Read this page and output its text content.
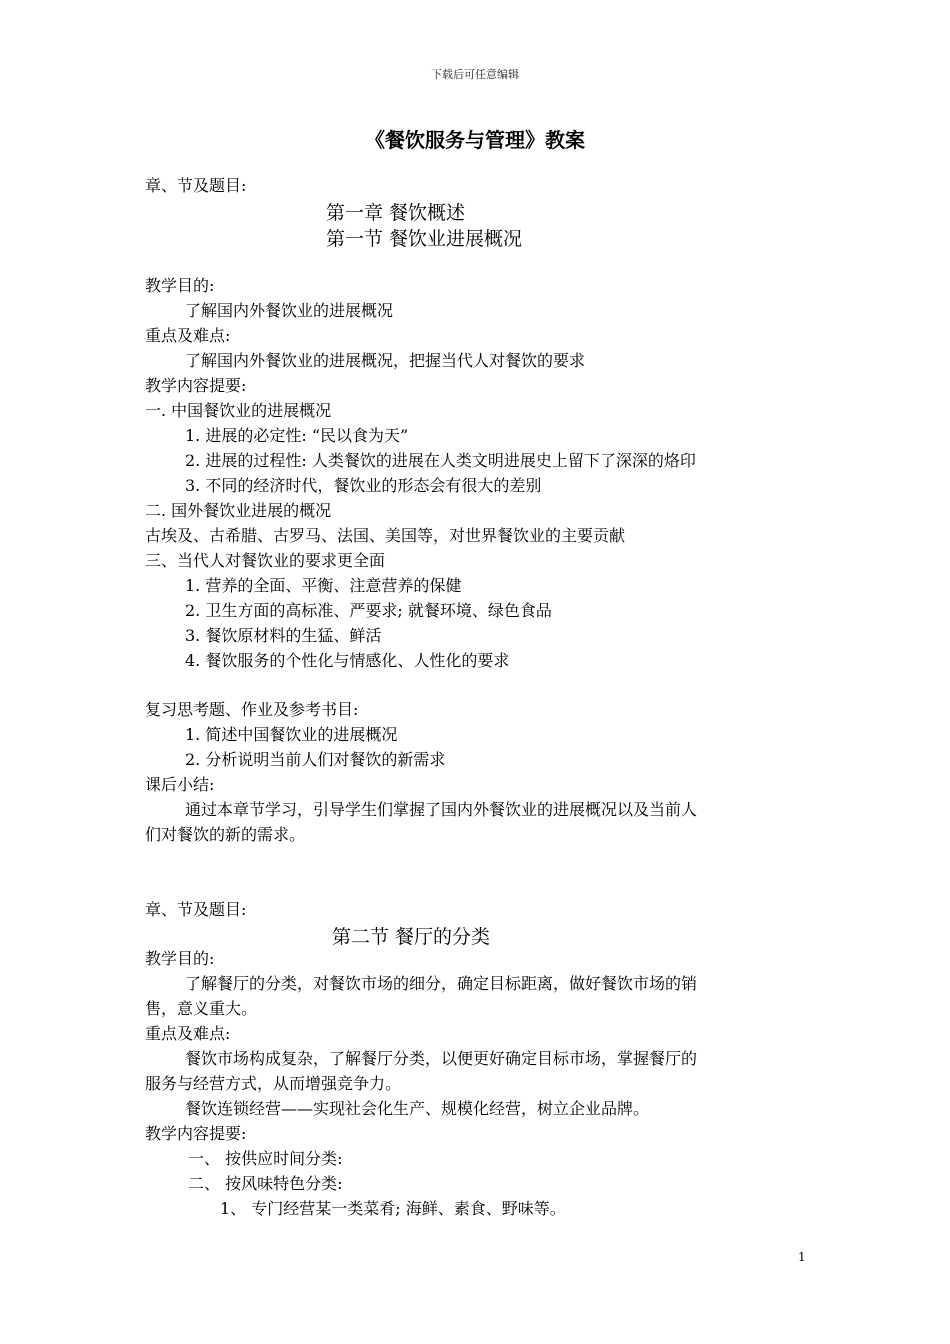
下载后可任意编辑
《餐饮服务与管理》教案
章、节及题目:
第一章 餐饮概述
第一节 餐饮业进展概况
教学目的:
了解国内外餐饮业的进展概况
重点及难点:
了解国内外餐饮业的进展概况，把握当代人对餐饮的要求
教学内容提要:
一. 中国餐饮业的进展概况
1. 进展的必定性: “民以食为天”
2. 进展的过程性: 人类餐饮的进展在人类文明进展史上留下了深深的烙印
3. 不同的经济时代，餐饮业的形态会有很大的差别
二. 国外餐饮业进展的概况
古埃及、古希腊、古罗马、法国、美国等，对世界餐饮业的主要贡献
三、当代人对餐饮业的要求更全面
1. 营养的全面、平衡、注意营养的保健
2. 卫生方面的高标准、严要求; 就餐环境、绿色食品
3. 餐饮原材料的生猛、鲜活
4. 餐饮服务的个性化与情感化、人性化的要求
复习思考题、作业及参考书目:
1. 简述中国餐饮业的进展概况
2. 分析说明当前人们对餐饮的新需求
课后小结:
通过本章节学习，引导学生们掌握了国内外餐饮业的进展概况以及当前人
们对餐饮的新的需求。
章、节及题目:
第二节 餐厅的分类
教学目的:
了解餐厅的分类，对餐饮市场的细分，确定目标距离，做好餐饮市场的销
售，意义重大。
重点及难点:
餐饮市场构成复杂，了解餐厅分类，以便更好确定目标市场，掌握餐厅的
服务与经营方式，从而增强竞争力。
餐饮连锁经营——实现社会化生产、规模化经营，树立企业品牌。
教学内容提要:
一、 按供应时间分类:
二、 按风味特色分类:
1、 专门经营某一类菜肴; 海鲜、素食、野味等。
1
